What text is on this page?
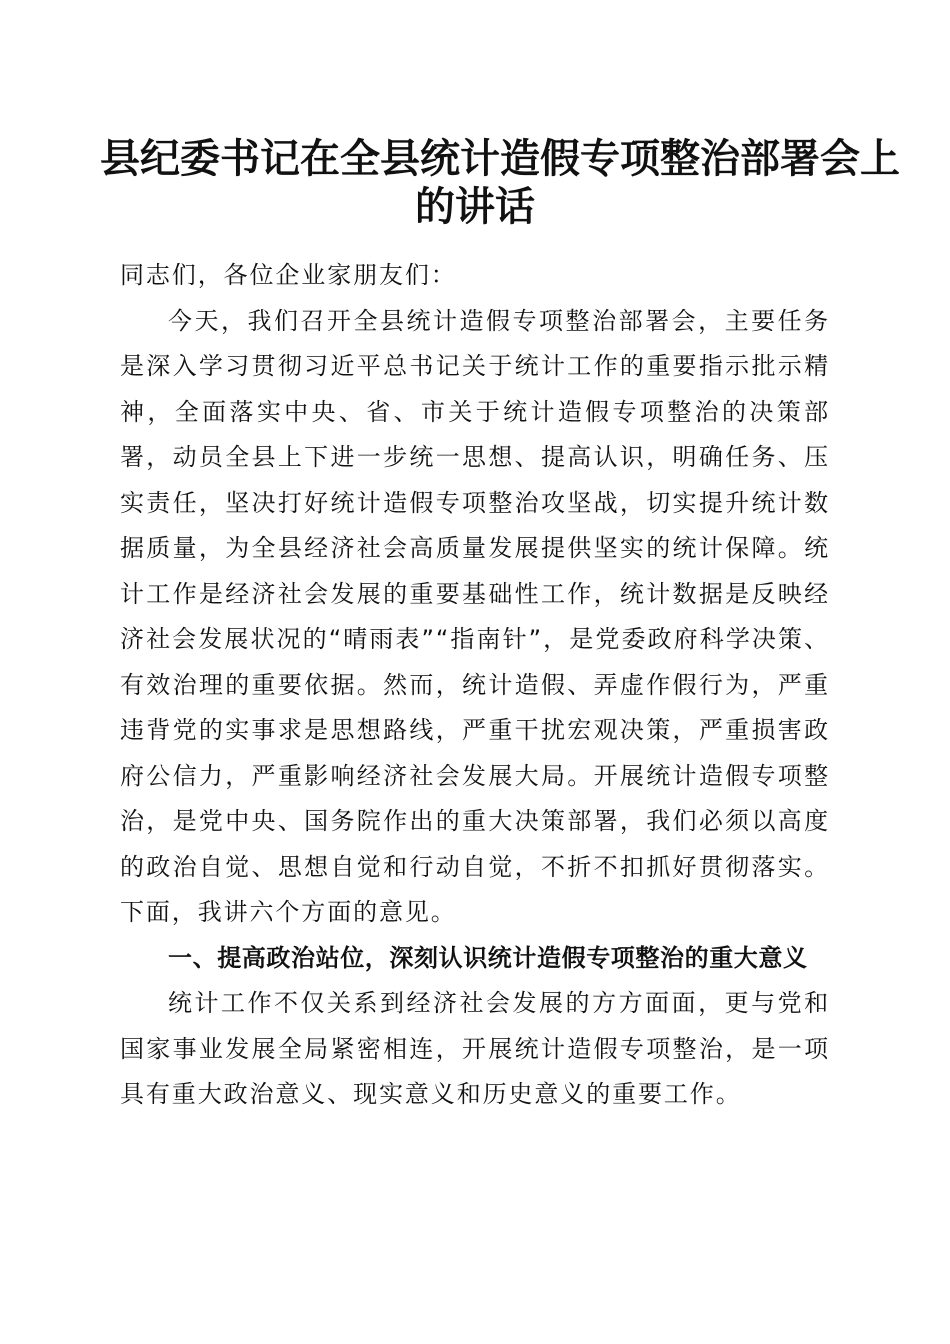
县纪委书记在全县统计造假专项整治部署会上
的讲话

同志们，各位企业家朋友们：

今天，我们召开全县统计造假专项整治部署会，主要任务是深入学习贯彻习近平总书记关于统计工作的重要指示批示精神，全面落实中央、省、市关于统计造假专项整治的决策部署，动员全县上下进一步统一思想、提高认识，明确任务、压实责任，坚决打好统计造假专项整治攻坚战，切实提升统计数据质量，为全县经济社会高质量发展提供坚实的统计保障。统计工作是经济社会发展的重要基础性工作，统计数据是反映经济社会发展状况的“晴雨表”“指南针”，是党委政府科学决策、有效治理的重要依据。然而，统计造假、弄虚作假行为，严重违背党的实事求是思想路线，严重干扰宏观决策，严重损害政府公信力，严重影响经济社会发展大局。开展统计造假专项整治，是党中央、国务院作出的重大决策部署，我们必须以高度的政治自觉、思想自觉和行动自觉，不折不扣抓好贯彻落实。下面，我讲六个方面的意见。

一、提高政治站位，深刻认识统计造假专项整治的重大意义

统计工作不仅关系到经济社会发展的方方面面，更与党和国家事业发展全局紧密相连，开展统计造假专项整治，是一项具有重大政治意义、现实意义和历史意义的重要工作。
